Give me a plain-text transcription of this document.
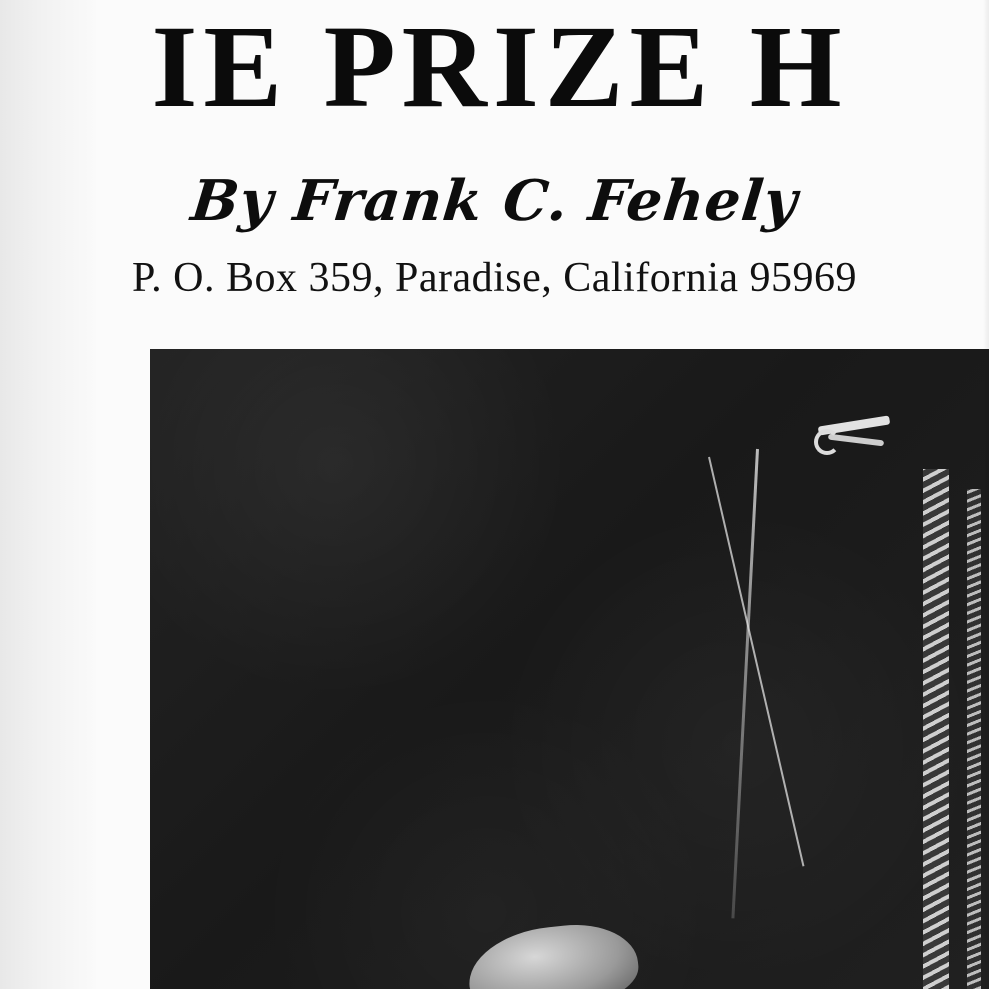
IE PRIZE H
By Frank C. Fehely
P. O. Box 359, Paradise, California 95969
